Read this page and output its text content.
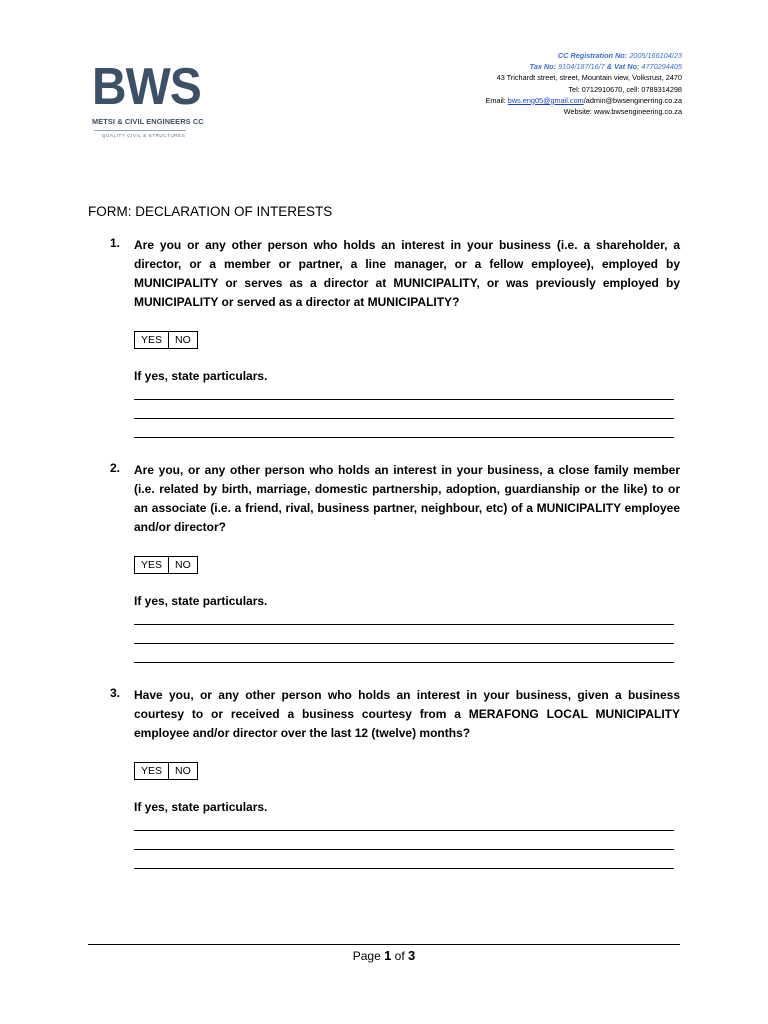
BWS
METSI & CIVIL ENGINEERS CC
QUALITY CIVIL & STRUCTURES
CC Registration No: 2005/166104/23
Tax No: 9104/187/16/7 & Vat No: 4770294405
43 Trichardt street, street, Mountain view, Volksrust, 2470
Tel: 0712910670, cell: 0789314298
Email: bws.eng05@gmail.com/admin@bwsenginerring.co.za
Website: www.bwsengineering.co.za
FORM: DECLARATION OF INTERESTS
1. Are you or any other person who holds an interest in your business (i.e. a shareholder, a director, or a member or partner, a line manager, or a fellow employee), employed by MUNICIPALITY or serves as a director at MUNICIPALITY, or was previously employed by MUNICIPALITY or served as a director at MUNICIPALITY?
YES	NO
If yes, state particulars.
2. Are you, or any other person who holds an interest in your business, a close family member (i.e. related by birth, marriage, domestic partnership, adoption, guardianship or the like) to or an associate (i.e. a friend, rival, business partner, neighbour, etc) of a MUNICIPALITY employee and/or director?
YES	NO
If yes, state particulars.
3. Have you, or any other person who holds an interest in your business, given a business courtesy to or received a business courtesy from a MERAFONG LOCAL MUNICIPALITY employee and/or director over the last 12 (twelve) months?
YES	NO
If yes, state particulars.
Page 1 of 3
